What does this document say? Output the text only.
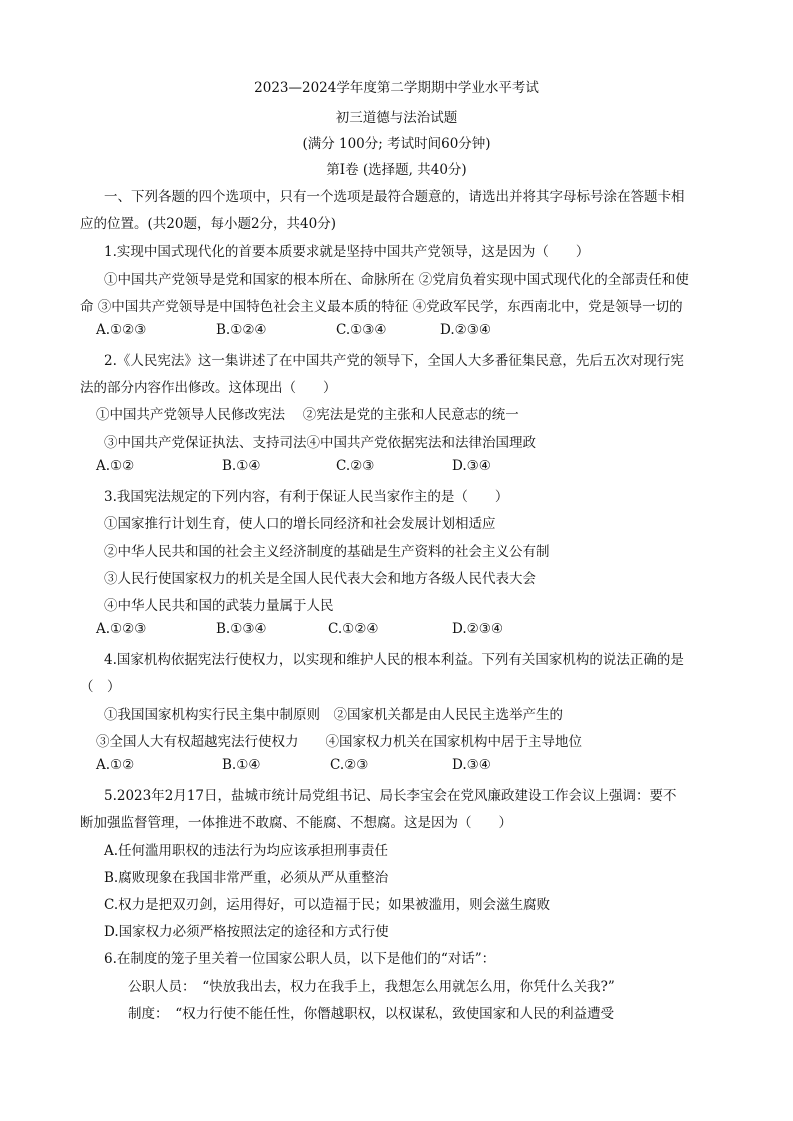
2023—2024学年度第二学期期中学业水平考试
初三道德与法治试题
(满分 100分; 考试时间60分钟)
第Ⅰ卷 (选择题, 共40分)
一、下列各题的四个选项中，只有一个选项是最符合题意的，请选出并将其字母标号涂在答题卡相
应的位置。(共20题，每小题2分，共40分)
1.实现中国式现代化的首要本质要求就是坚持中国共产党领导，这是因为（　　）
①中国共产党领导是党和国家的根本所在、命脉所在 ②党肩负着实现中国式现代化的全部责任和使
命 ③中国共产党领导是中国特色社会主义最本质的特征 ④党政军民学，东西南北中，党是领导一切的
A.①②③	B.①②④	C.①③④	D.②③④
2.《人民宪法》这一集讲述了在中国共产党的领导下，全国人大多番征集民意，先后五次对现行宪
法的部分内容作出修改。这体现出（　　）
①中国共产党领导人民修改宪法　 ②宪法是党的主张和人民意志的统一
③中国共产党保证执法、支持司法④中国共产党依据宪法和法律治国理政
A.①②	B.①④	C.②③	D.③④
3.我国宪法规定的下列内容，有利于保证人民当家作主的是（　　）
①国家推行计划生育，使人口的增长同经济和社会发展计划相适应
②中华人民共和国的社会主义经济制度的基础是生产资料的社会主义公有制
③人民行使国家权力的机关是全国人民代表大会和地方各级人民代表大会
④中华人民共和国的武装力量属于人民
A.①②③	B.①③④	C.①②④	D.②③④
4.国家机构依据宪法行使权力，以实现和维护人民的根本利益。下列有关国家机构的说法正确的是
（　）
①我国国家机构实行民主集中制原则　②国家机关都是由人民民主选举产生的
③全国人大有权超越宪法行使权力　　④国家权力机关在国家机构中居于主导地位
A.①②	B.①④	C.②③	D.③④
5.2023年2月17日，盐城市统计局党组书记、局长李宝会在党风廉政建设工作会议上强调：要不
断加强监督管理，一体推进不敢腐、不能腐、不想腐。这是因为（　　）
A.任何滥用职权的违法行为均应该承担刑事责任
B.腐败现象在我国非常严重，必须从严从重整治
C.权力是把双刃剑，运用得好，可以造福于民；如果被滥用，则会滋生腐败
D.国家权力必须严格按照法定的途径和方式行使
6.在制度的笼子里关着一位国家公职人员，以下是他们的“对话”：
公职人员：　“快放我出去，权力在我手上，我想怎么用就怎么用，你凭什么关我?”
制度：　“权力行使不能任性，你僭越职权，以权谋私，致使国家和人民的利益遭受
